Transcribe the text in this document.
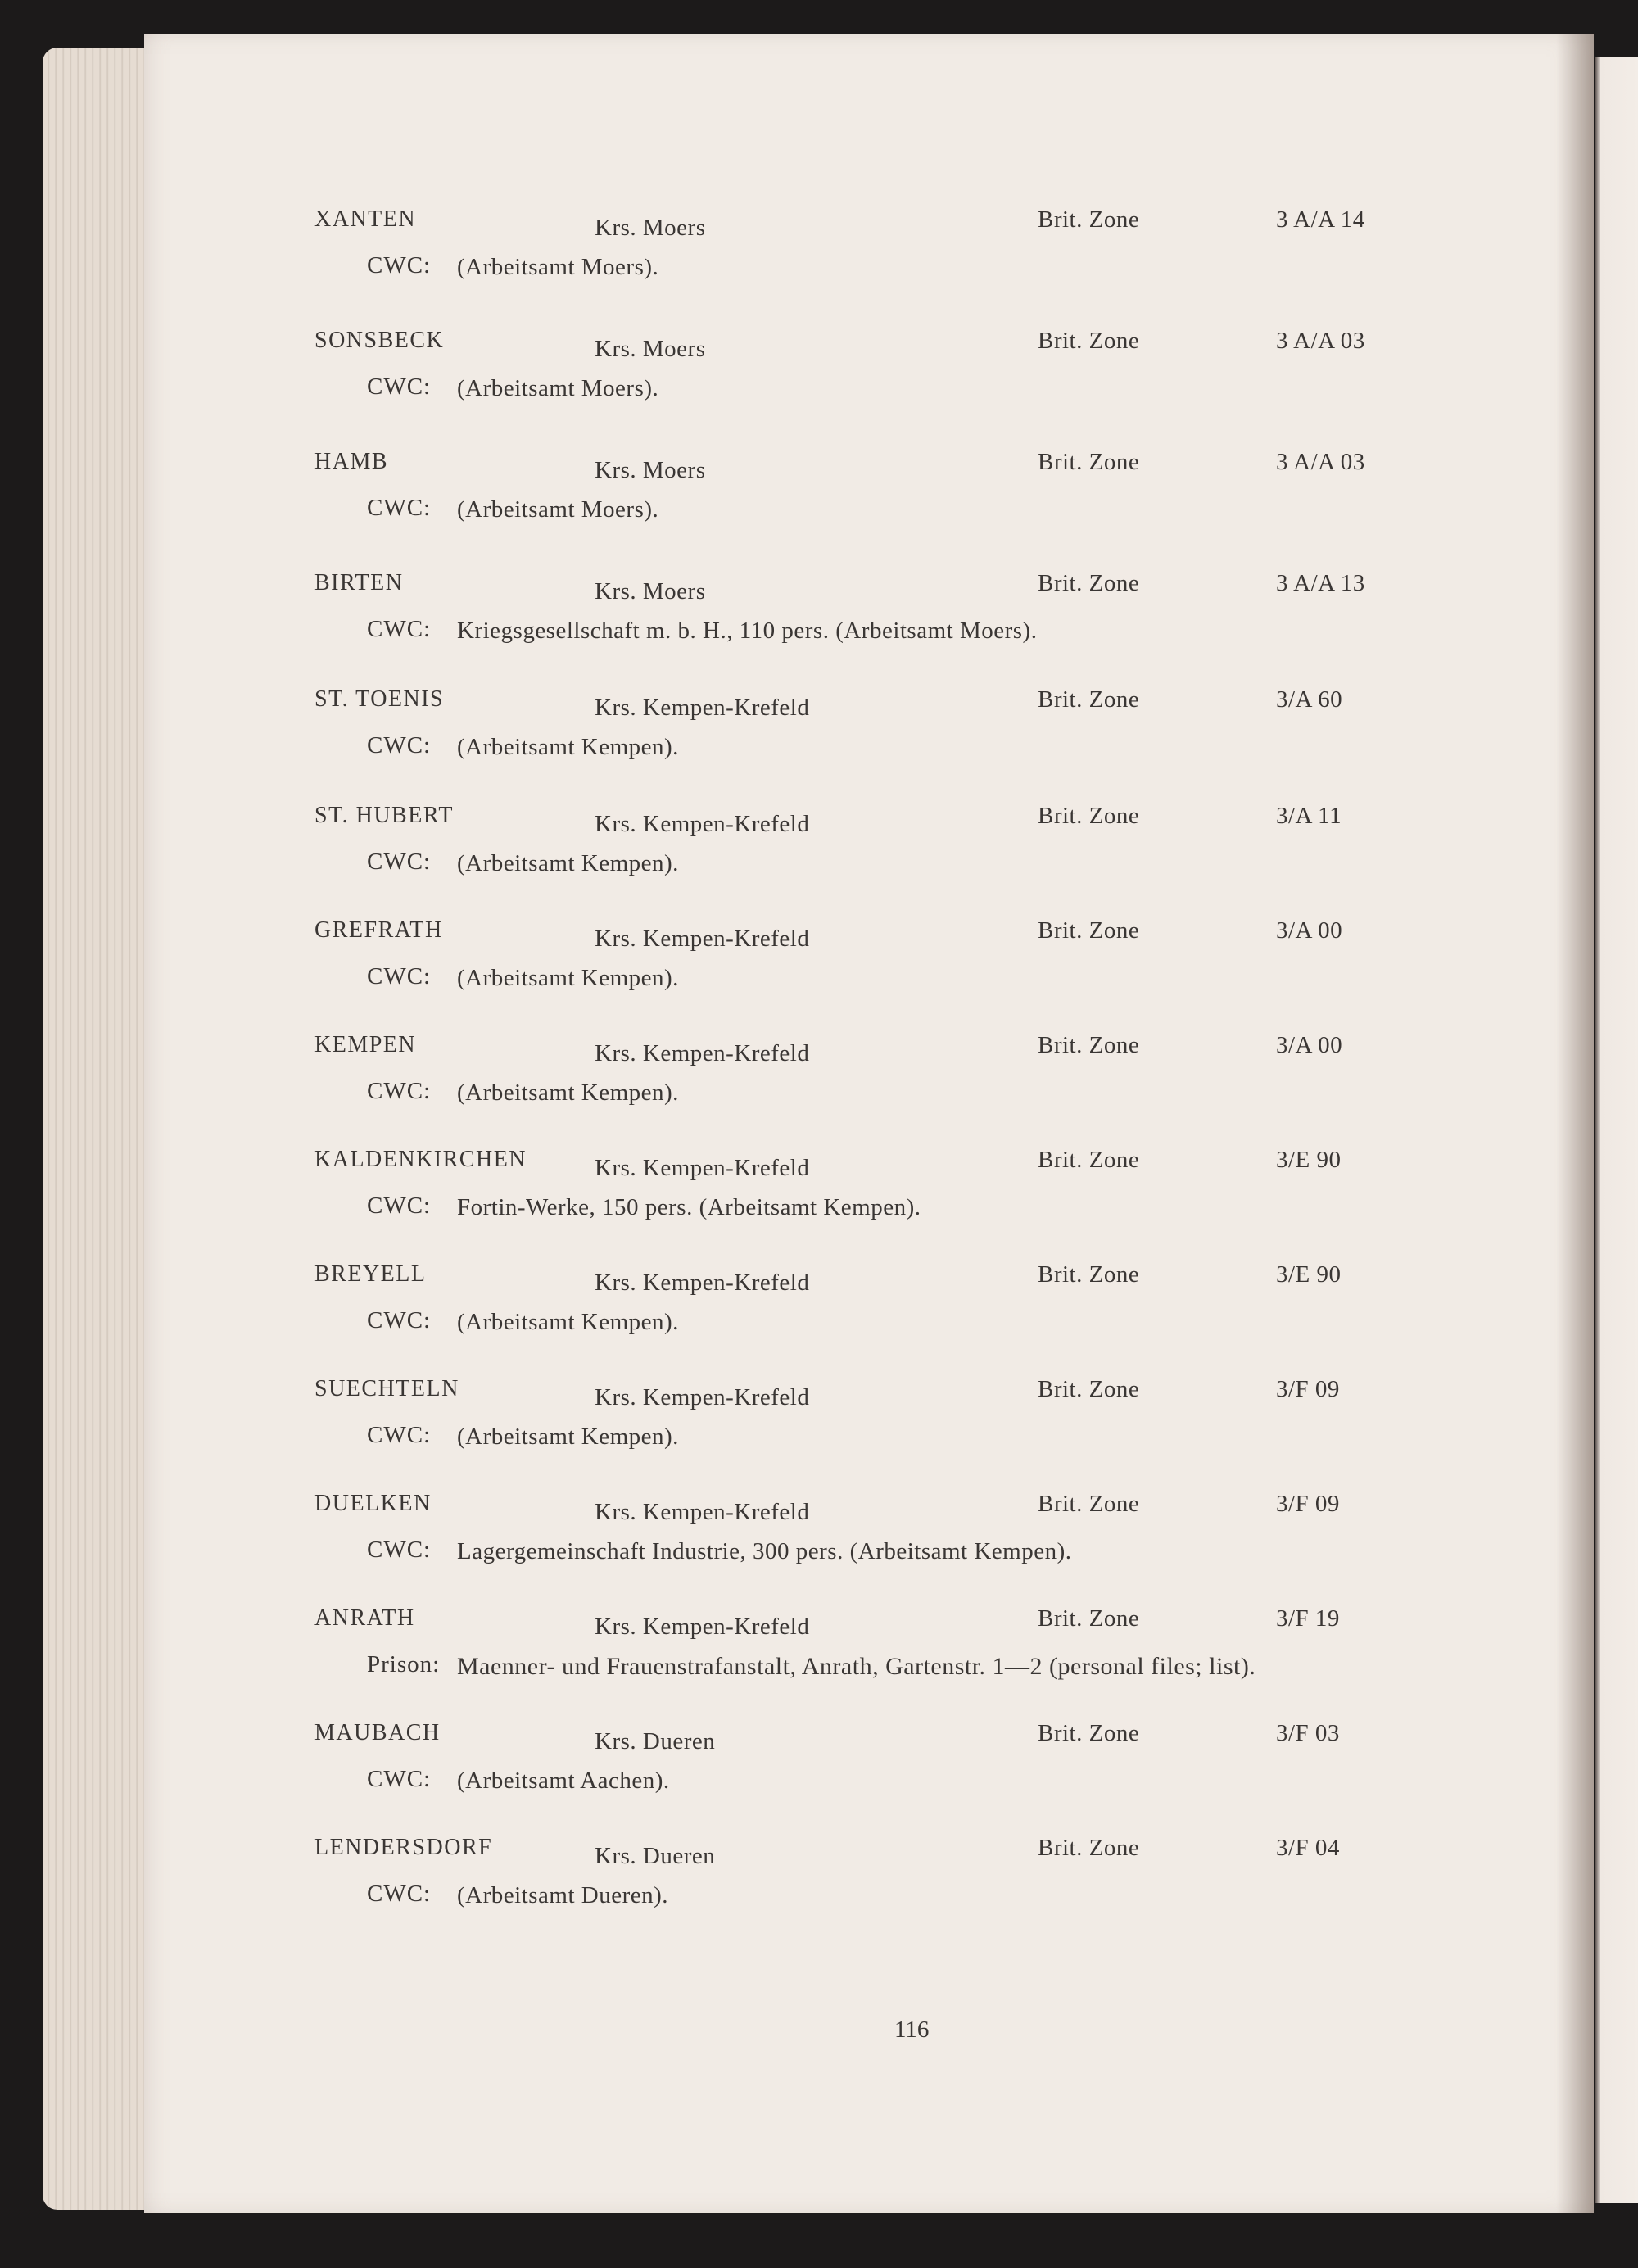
XANTEN	Krs. Moers	Brit. Zone	3 A/A 14
CWC: (Arbeitsamt Moers).
SONSBECK	Krs. Moers	Brit. Zone	3 A/A 03
CWC: (Arbeitsamt Moers).
HAMB	Krs. Moers	Brit. Zone	3 A/A 03
CWC: (Arbeitsamt Moers).
BIRTEN	Krs. Moers	Brit. Zone	3 A/A 13
CWC: Kriegsgesellschaft m. b. H., 110 pers. (Arbeitsamt Moers).
ST. TOENIS	Krs. Kempen-Krefeld	Brit. Zone	3/A 60
CWC: (Arbeitsamt Kempen).
ST. HUBERT	Krs. Kempen-Krefeld	Brit. Zone	3/A 11
CWC: (Arbeitsamt Kempen).
GREFRATH	Krs. Kempen-Krefeld	Brit. Zone	3/A 00
CWC: (Arbeitsamt Kempen).
KEMPEN	Krs. Kempen-Krefeld	Brit. Zone	3/A 00
CWC: (Arbeitsamt Kempen).
KALDENKIRCHEN	Krs. Kempen-Krefeld	Brit. Zone	3/E 90
CWC: Fortin-Werke, 150 pers. (Arbeitsamt Kempen).
BREYELL	Krs. Kempen-Krefeld	Brit. Zone	3/E 90
CWC: (Arbeitsamt Kempen).
SUECHTELN	Krs. Kempen-Krefeld	Brit. Zone	3/F 09
CWC: (Arbeitsamt Kempen).
DUELKEN	Krs. Kempen-Krefeld	Brit. Zone	3/F 09
CWC: Lagergemeinschaft Industrie, 300 pers. (Arbeitsamt Kempen).
ANRATH	Krs. Kempen-Krefeld	Brit. Zone	3/F 19
Prison: Maenner- und Frauenstrafanstalt, Anrath, Gartenstr. 1—2 (personal files; list).
MAUBACH	Krs. Dueren	Brit. Zone	3/F 03
CWC: (Arbeitsamt Aachen).
LENDERSDORF	Krs. Dueren	Brit. Zone	3/F 04
CWC: (Arbeitsamt Dueren).
116
